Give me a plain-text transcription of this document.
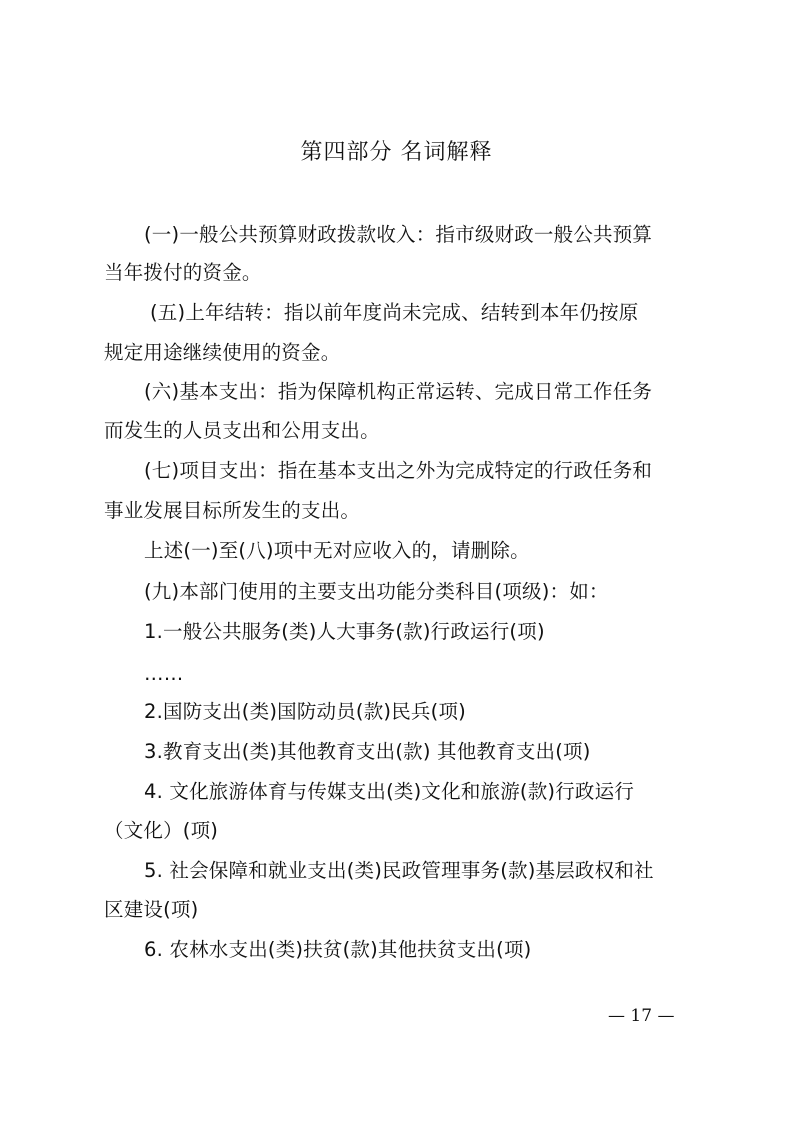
第四部分 名词解释
(一)一般公共预算财政拨款收入：指市级财政一般公共预算
当年拨付的资金。
(五)上年结转：指以前年度尚未完成、结转到本年仍按原
规定用途继续使用的资金。
(六)基本支出：指为保障机构正常运转、完成日常工作任务
而发生的人员支出和公用支出。
(七)项目支出：指在基本支出之外为完成特定的行政任务和
事业发展目标所发生的支出。
上述(一)至(八)项中无对应收入的，请删除。
(九)本部门使用的主要支出功能分类科目(项级)：如：
1.一般公共服务(类)人大事务(款)行政运行(项)
……
2.国防支出(类)国防动员(款)民兵(项)
3.教育支出(类)其他教育支出(款) 其他教育支出(项)
4. 文化旅游体育与传媒支出(类)文化和旅游(款)行政运行
（文化）(项)
5. 社会保障和就业支出(类)民政管理事务(款)基层政权和社
区建设(项)
6. 农林水支出(类)扶贫(款)其他扶贫支出(项)
— 17 —
